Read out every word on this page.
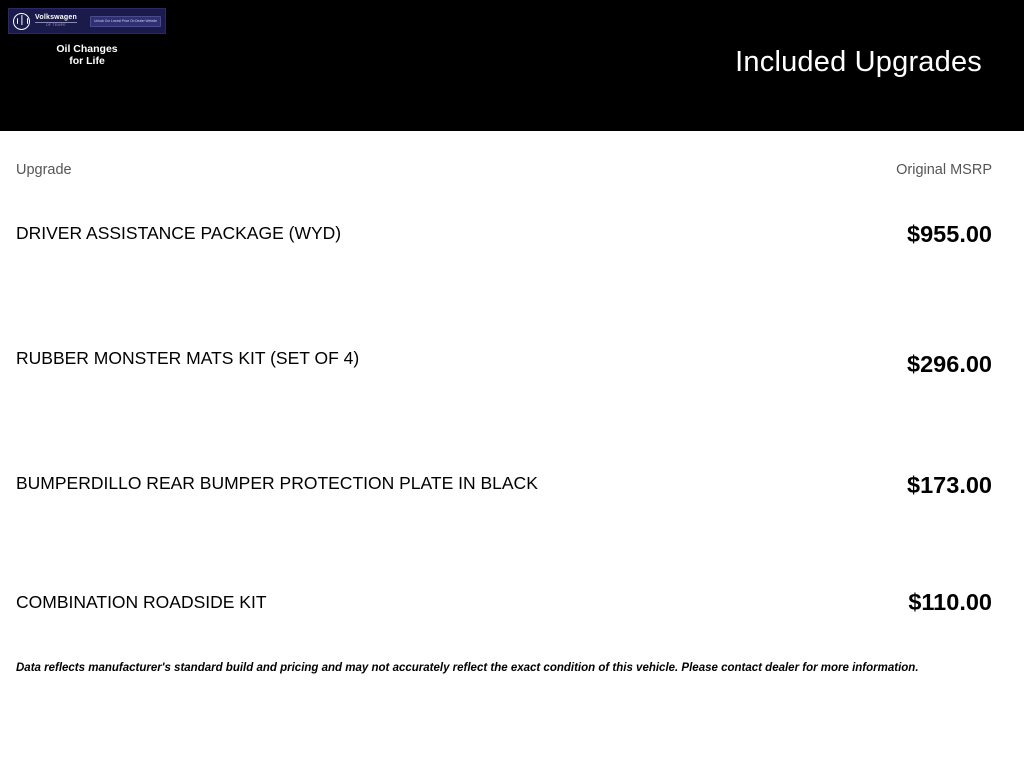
Volkswagen
OF TEMPE
Unlock Our Lowest Price On Dealer Website
Oil Changes
for Life	Included Upgrades
Upgrade	Original MSRP
DRIVER ASSISTANCE PACKAGE (WYD)	$955.00
RUBBER MONSTER MATS KIT (SET OF 4)	$296.00
BUMPERDILLO REAR BUMPER PROTECTION PLATE IN BLACK	$173.00
COMBINATION ROADSIDE KIT	$110.00
Data reflects manufacturer's standard build and pricing and may not accurately reflect the exact condition of this vehicle. Please contact dealer for more information.
